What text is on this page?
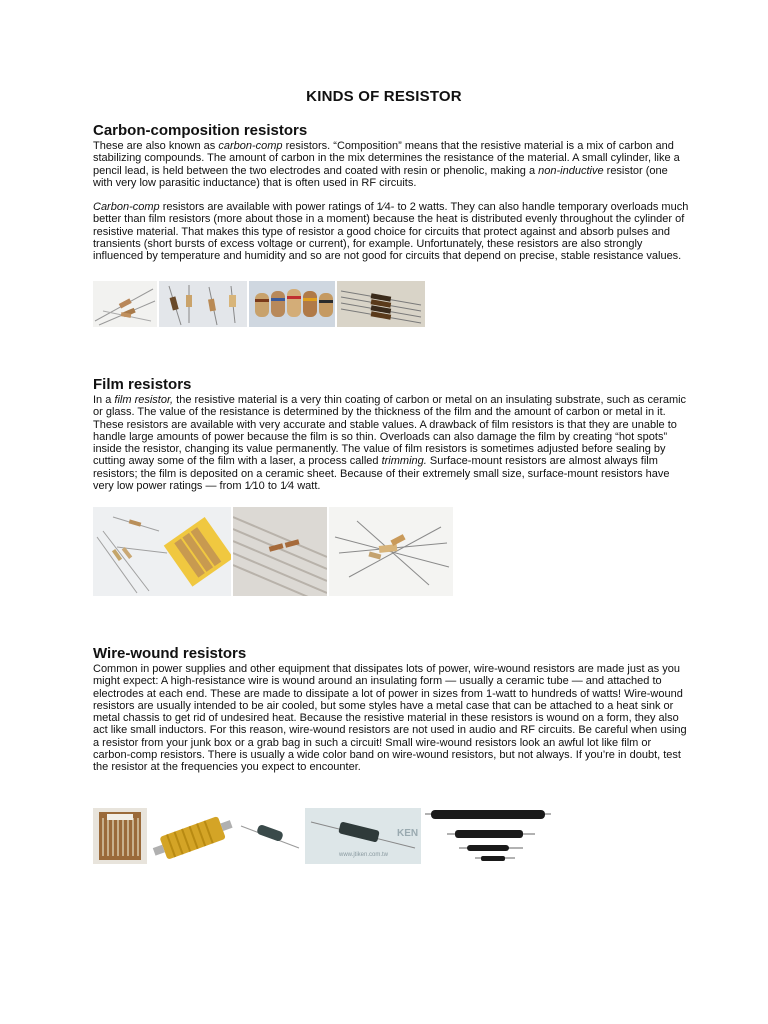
KINDS OF RESISTOR
Carbon-composition resistors

These are also known as carbon-comp resistors. “Composition” means that the resistive material is a mix of carbon and stabilizing compounds. The amount of carbon in the mix determines the resistance of the material. A small cylinder, like a pencil lead, is held between the two electrodes and coated with resin or phenolic, making a non-inductive resistor (one with very low parasitic inductance) that is often used in RF circuits.

Carbon-comp resistors are available with power ratings of 1⁄4- to 2 watts. They can also handle temporary overloads much better than film resistors (more about those in a moment) because the heat is distributed evenly throughout the cylinder of resistive material. That makes this type of resistor a good choice for circuits that protect against and absorb pulses and transients (short bursts of excess voltage or current), for example. Unfortunately, these resistors are also strongly influenced by temperature and humidity and so are not good for circuits that depend on precise, stable resistance values.

Film resistors

In a film resistor, the resistive material is a very thin coating of carbon or metal on an insulating substrate, such as ceramic or glass. The value of the resistance is determined by the thickness of the film and the amount of carbon or metal in it. These resistors are available with very accurate and stable values. A drawback of film resistors is that they are unable to handle large amounts of power because the film is so thin. Overloads can also damage the film by creating “hot spots” inside the resistor, changing its value permanently. The value of film resistors is sometimes adjusted before sealing by cutting away some of the film with a laser, a process called trimming. Surface-mount resistors are almost always film resistors; the film is deposited on a ceramic sheet. Because of their extremely small size, surface-mount resistors have very low power ratings — from 1⁄10 to 1⁄4 watt.

Wire-wound resistors

Common in power supplies and other equipment that dissipates lots of power, wire-wound resistors are made just as you might expect: A high-resistance wire is wound around an insulating form — usually a ceramic tube — and attached to electrodes at each end. These are made to dissipate a lot of power in sizes from 1-watt to hundreds of watts! Wire-wound resistors are usually intended to be air cooled, but some styles have a metal case that can be attached to a heat sink or metal chassis to get rid of undesired heat. Because the resistive material in these resistors is wound on a form, they also act like small inductors. For this reason, wire-wound resistors are not used in audio and RF circuits. Be careful when using a resistor from your junk box or a grab bag in such a circuit! Small wire-wound resistors look an awful lot like film or carbon-comp resistors. There is usually a wide color band on wire-wound resistors, but not always. If you’re in doubt, test the resistor at the frequencies you expect to encounter.

KEN
www.jtiken.com.tw
